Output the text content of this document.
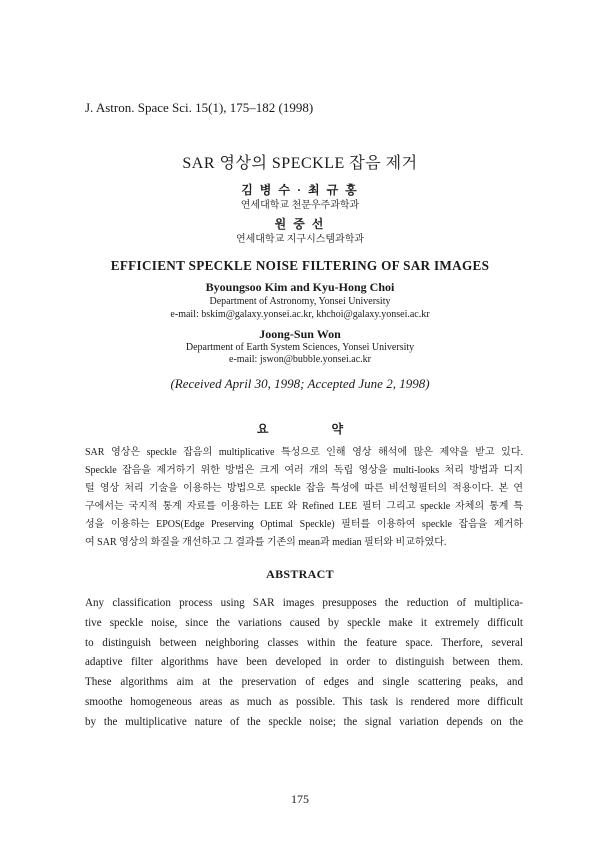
J. Astron. Space Sci. 15(1), 175–182 (1998)
SAR 영상의 SPECKLE 잡음 제거
김 병 수 · 최 규 홍
연세대학교 천문우주과학과
원 중 선
연세대학교 지구시스템과학과
EFFICIENT SPECKLE NOISE FILTERING OF SAR IMAGES
Byoungsoo Kim and Kyu-Hong Choi
Department of Astronomy, Yonsei University
e-mail: bskim@galaxy.yonsei.ac.kr, khchoi@galaxy.yonsei.ac.kr
Joong-Sun Won
Department of Earth System Sciences, Yonsei University
e-mail: jswon@bubble.yonsei.ac.kr
(Received April 30, 1998; Accepted June 2, 1998)
요 약
SAR 영상은 speckle 잡음의 multiplicative 특성으로 인해 영상 해석에 많은 제약을 받고 있다.
Speckle 잡음을 제거하기 위한 방법은 크게 여러 개의 독립 영상을 multi-looks 처리 방법과 디지
털 영상 처리 기술을 이용하는 방법으로 speckle 잡음 특성에 따른 비선형필터의 적용이다. 본 연
구에서는 국지적 통계 자료를 이용하는 LEE 와 Refined LEE 필터 그리고 speckle 자체의 통계 특
성을 이용하는 EPOS(Edge Preserving Optimal Speckle) 필터를 이용하여 speckle 잡음을 제거하
여 SAR 영상의 화질을 개선하고 그 결과를 기존의 mean과 median 필터와 비교하였다.
ABSTRACT
Any classification process using SAR images presupposes the reduction of multiplica-
tive speckle noise, since the variations caused by speckle make it extremely difficult
to distinguish between neighboring classes within the feature space. Therfore, several
adaptive filter algorithms have been developed in order to distinguish between them.
These algorithms aim at the preservation of edges and single scattering peaks, and
smoothe homogeneous areas as much as possible. This task is rendered more difficult
by the multiplicative nature of the speckle noise; the signal variation depends on the
175
